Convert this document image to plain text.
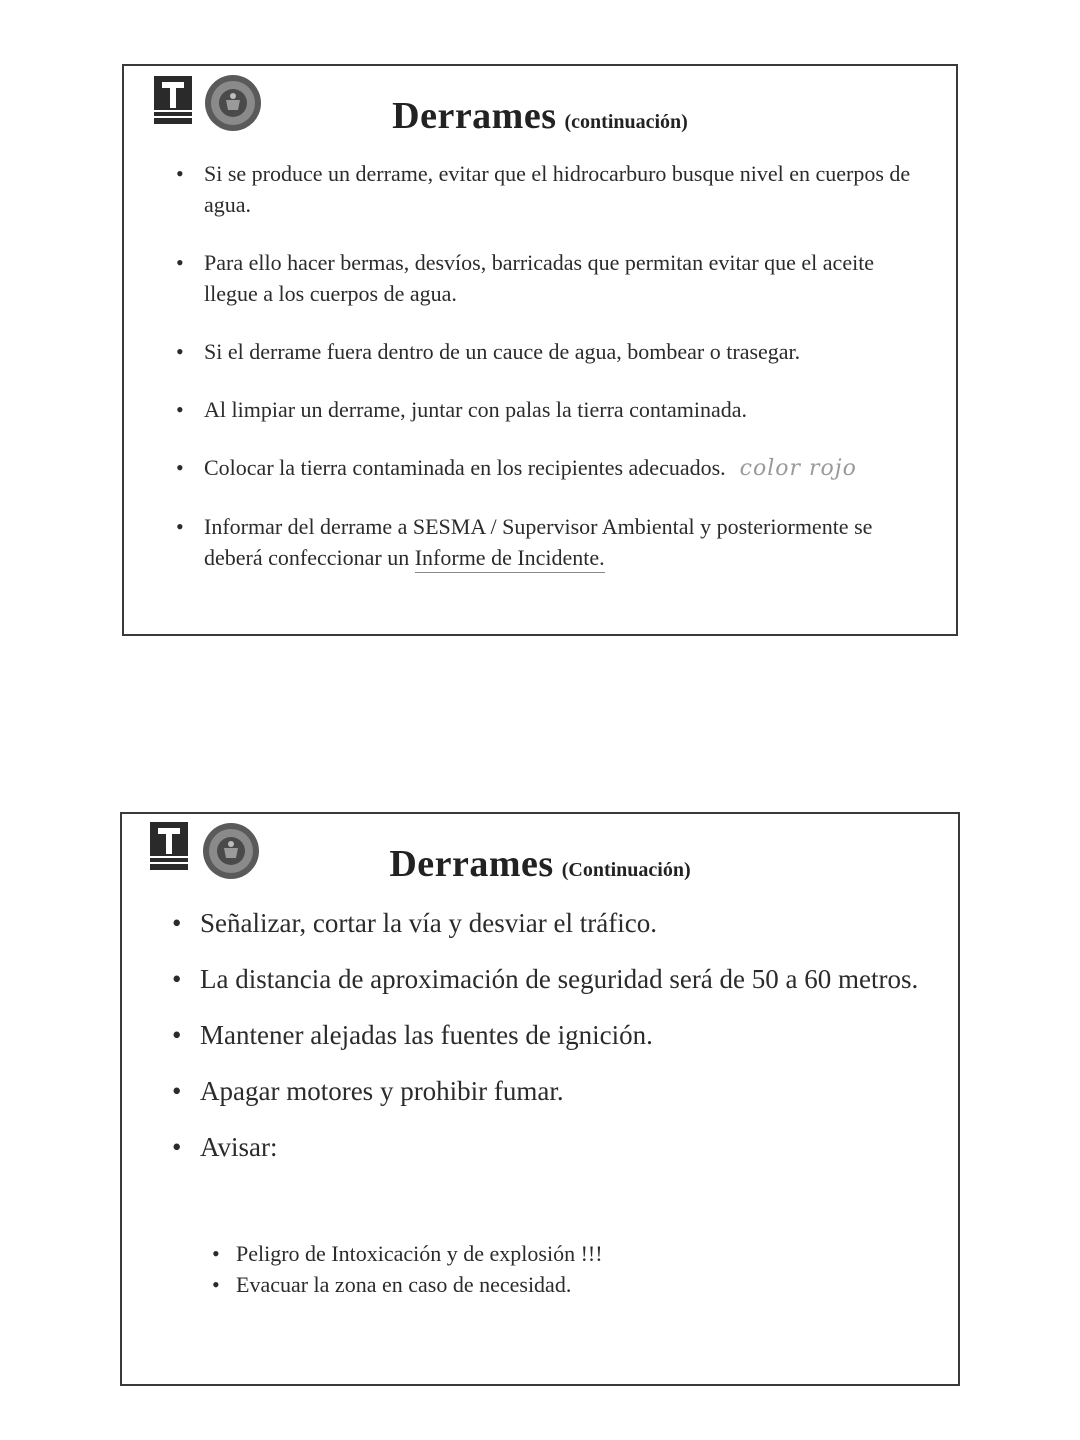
Derrames (continuación)
• Si se produce un derrame, evitar que el hidrocarburo busque nivel en cuerpos de agua.
• Para ello hacer bermas, desvíos, barricadas que permitan evitar que el aceite llegue a los cuerpos de agua.
• Si el derrame fuera dentro de un cauce de agua, bombear o trasegar.
• Al limpiar un derrame, juntar con palas la tierra contaminada.
• Colocar la tierra contaminada en los recipientes adecuados. color rojo
• Informar del derrame a SESMA / Supervisor Ambiental y posteriormente se deberá confeccionar un Informe de Incidente.
Derrames (Continuación)
• Señalizar, cortar la vía y desviar el tráfico.
• La distancia de aproximación de seguridad será de 50 a 60 metros.
• Mantener alejadas las fuentes de ignición.
• Apagar motores y prohibir fumar.
• Avisar:
• Peligro de Intoxicación y de explosión !!!
• Evacuar la zona en caso de necesidad.
